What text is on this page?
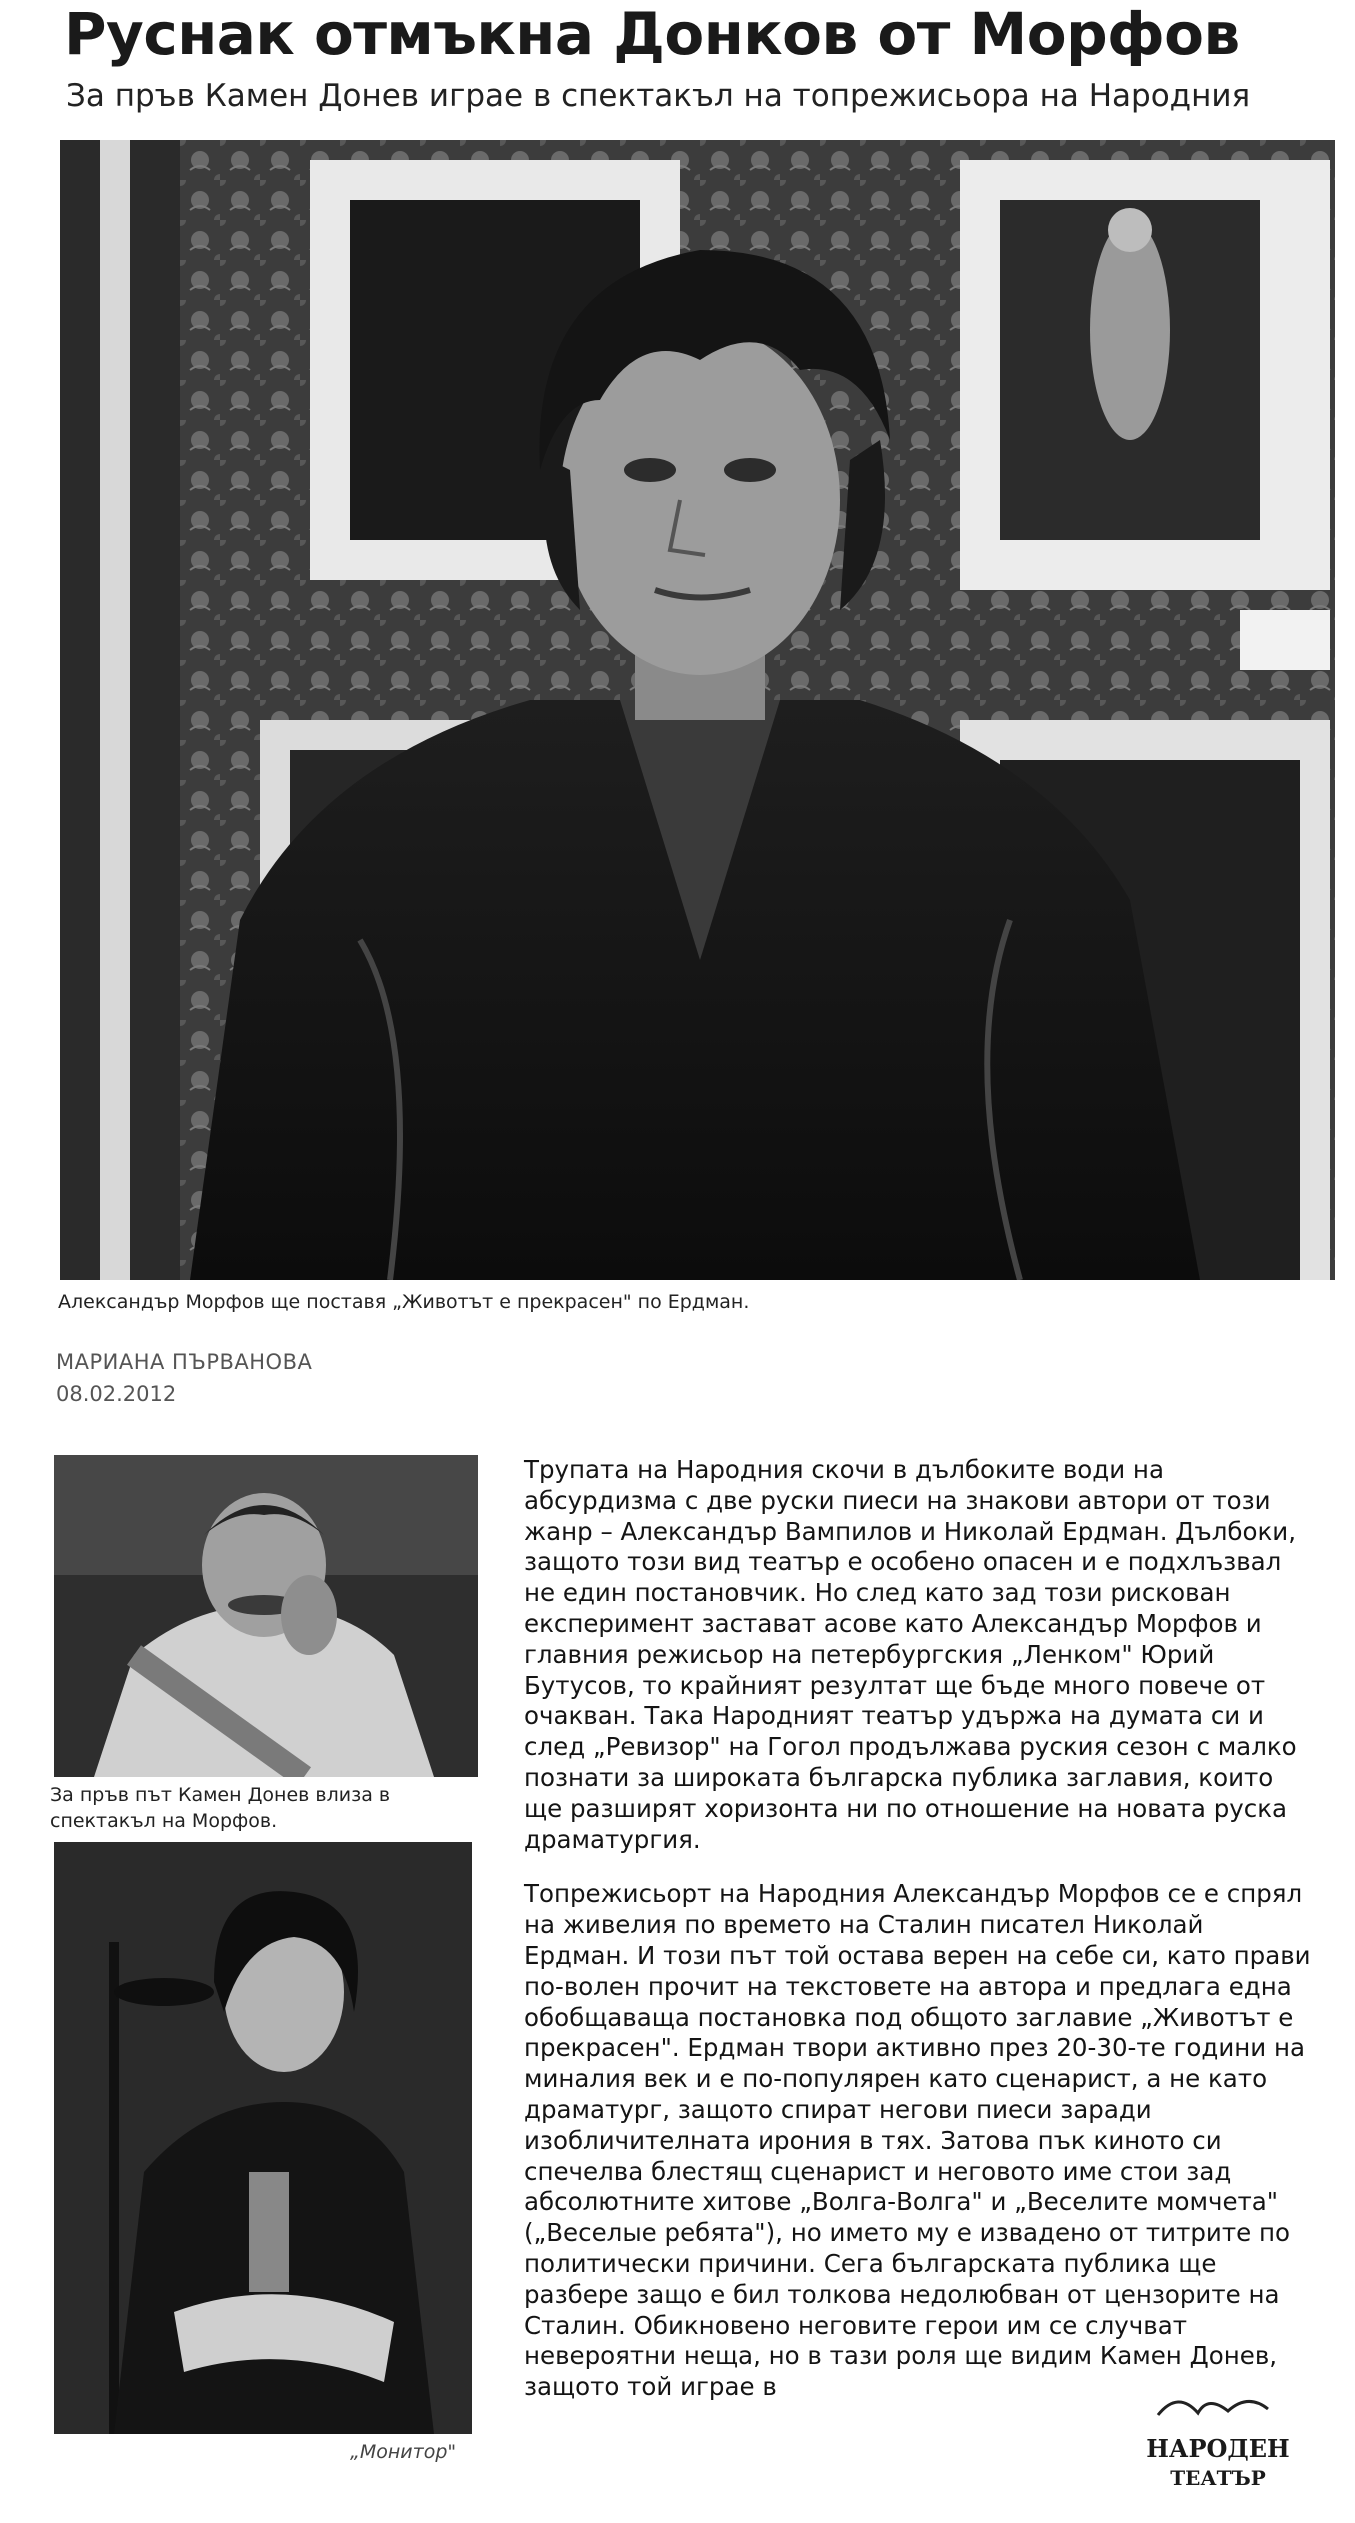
Руснак отмъкна Донков от Морфов
За пръв Камен Донев играе в спектакъл на топрежисьора на Народния
Александър Морфов ще поставя „Животът е прекрасен" по Ердман.
МАРИАНА ПЪРВАНОВА
08.02.2012
За пръв път Камен Донев влиза в спектакъл на Морфов.
„Монитор"

Трупата на Народния скочи в дълбоките води на абсурдизма с две руски пиеси на знакови автори от този жанр – Александър Вампилов и Николай Ердман. Дълбоки, защото този вид театър е особено опасен и е подхлъзвал не един постановчик. Но след като зад този рискован експеримент застават асове като Александър Морфов и главния режисьор на петербургския „Ленком" Юрий Бутусов, то крайният резултат ще бъде много повече от очакван. Така Народният театър удържа на думата си и след „Ревизор" на Гогол продължава руския сезон с малко познати за широката българска публика заглавия, които ще разширят хоризонта ни по отношение на новата руска драматургия.

Топрежисьорт на Народния Александър Морфов се е спрял на живелия по времето на Сталин писател Николай Ердман. И този път той остава верен на себе си, като прави по-волен прочит на текстовете на автора и предлага една обобщаваща постановка под общото заглавие „Животът е прекрасен". Ердман твори активно през 20-30-те години на миналия век и е по-популярен като сценарист, а не като драматург, защото спират негови пиеси заради изобличителната ирония в тях. Затова пък киното си спечелва блестящ сценарист и неговото име стои зад абсолютните хитове „Волга-Волга" и „Веселите момчета" („Веселые ребята"), но името му е извадено от титрите по политически причини. Сега българската публика ще разбере защо е бил толкова недолюбван от цензорите на Сталин. Обикновено неговите герои им се случват невероятни неща, но в тази роля ще видим Камен Донев, защото той играе в

НАРОДЕН
ТЕАТЪР
